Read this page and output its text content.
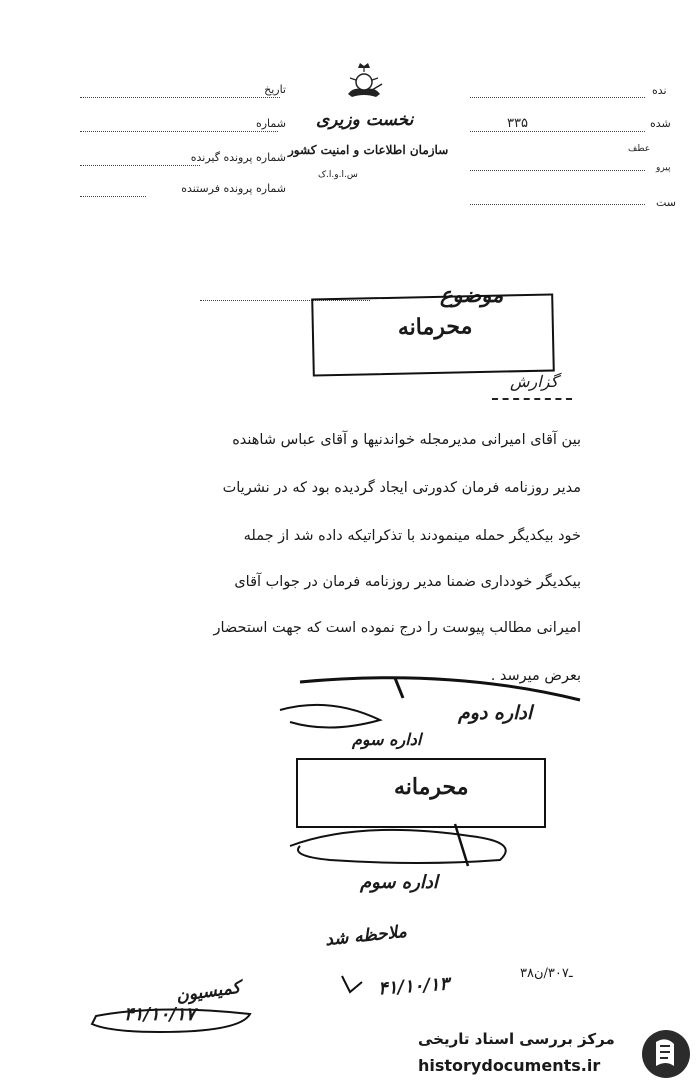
تاریخ
شماره
شماره پرونده گیرنده
شماره پرونده فرستنده
نخست وزیری
سازمان اطلاعات و امنیت کشور
س.ا.و.ا.ک
نده
شده
۳۳۵
عطف
پیرو
ست
موضوع
محرمانه
گزارش
بین آقای امیرانی مدیرمجله خواندنیها و آقای عباس شاهنده
مدیر روزنامه فرمان کدورتی ایجاد گردیده بود که در نشریات
خود بیکدیگر حمله مینمودند با تذکراتیکه داده شد از جمله
بیکدیگر خودداری ضمنا مدیر روزنامه فرمان در جواب آقای
امیرانی مطالب پیوست را درج نموده است که جهت استحضار
بعرض میرسد .
اداره دوم
اداره سوم
محرمانه
اداره سوم
ملاحظه شد
۳۸ـ۳۰۷/ن
۴۱/۱۰/۱۳
کمیسیون
۴۱/۱۰/۱۷
مرکز بررسی اسناد تاریخی
historydocuments.ir
